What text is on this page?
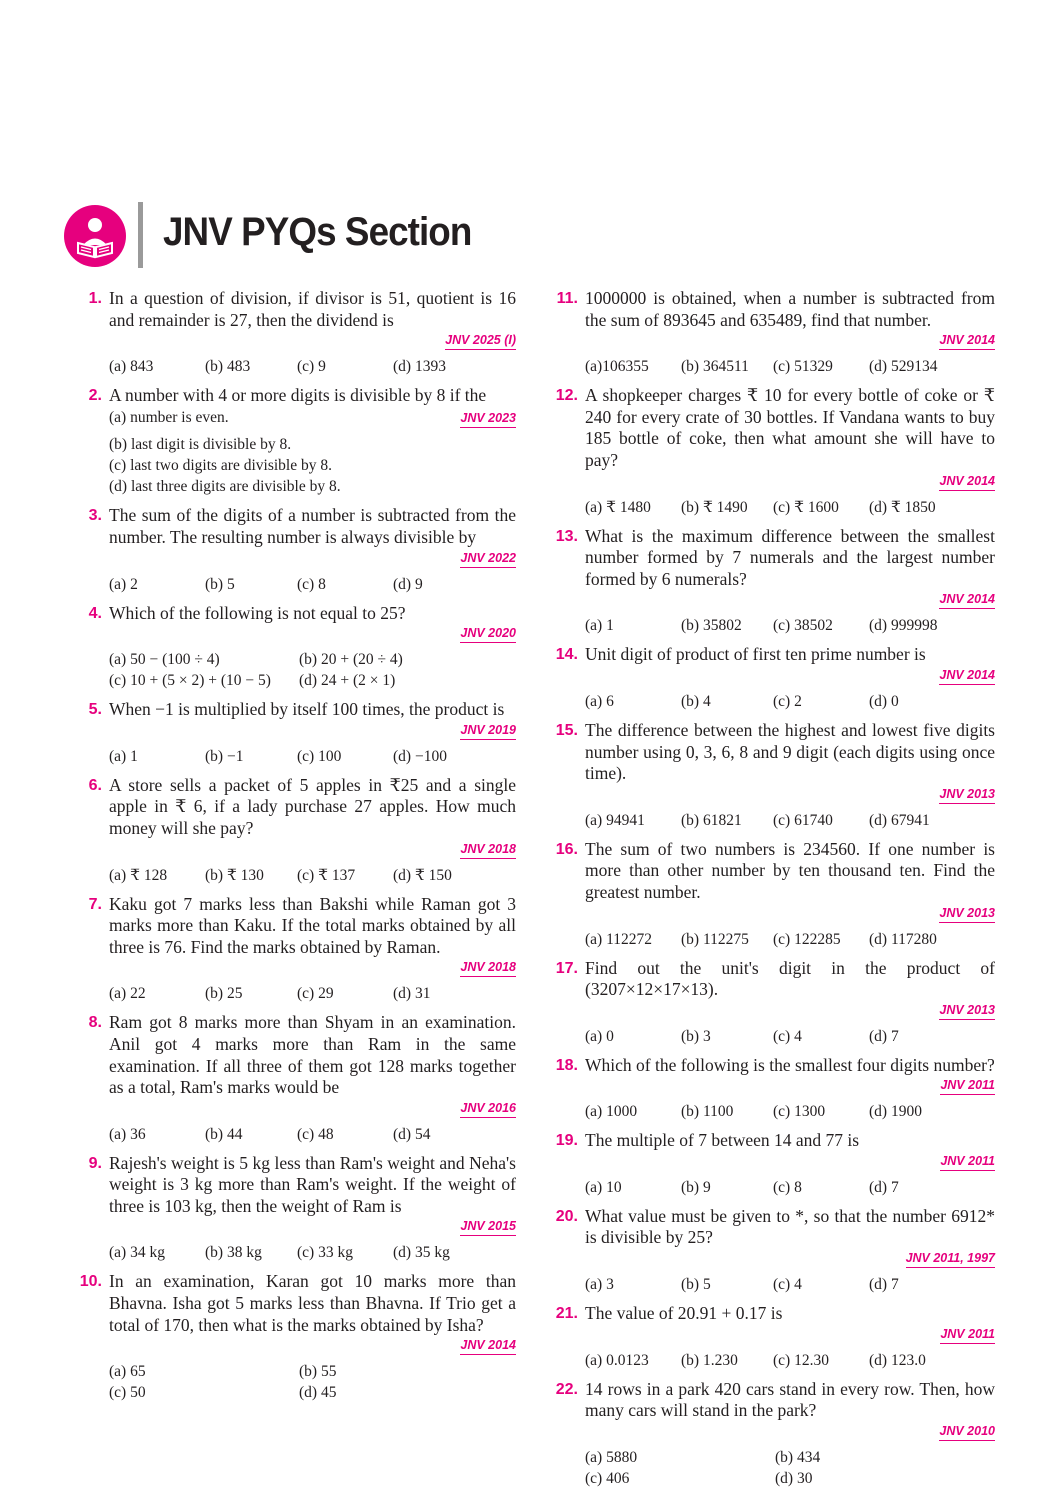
JNV PYQs Section
1. In a question of division, if divisor is 51, quotient is 16 and remainder is 27, then the dividend is
JNV 2025 (I)
(a) 843	(b) 483	(c) 9	(d) 1393
2. A number with 4 or more digits is divisible by 8 if the
(a) number is even.	JNV 2023
(b) last digit is divisible by 8.
(c) last two digits are divisible by 8.
(d) last three digits are divisible by 8.
3. The sum of the digits of a number is subtracted from the number. The resulting number is always divisible by
JNV 2022
(a) 2	(b) 5	(c) 8	(d) 9
4. Which of the following is not equal to 25?
JNV 2020
(a) 50 − (100 ÷ 4)	(b) 20 + (20 ÷ 4)
(c) 10 + (5 × 2) + (10 − 5)	(d) 24 + (2 × 1)
5. When −1 is multiplied by itself 100 times, the product is
JNV 2019
(a) 1	(b) −1	(c) 100	(d) −100
6. A store sells a packet of 5 apples in ₹25 and a single apple in ₹ 6, if a lady purchase 27 apples. How much money will she pay?
JNV 2018
(a) ₹ 128	(b) ₹ 130	(c) ₹ 137	(d) ₹ 150
7. Kaku got 7 marks less than Bakshi while Raman got 3 marks more than Kaku. If the total marks obtained by all three is 76. Find the marks obtained by Raman.
JNV 2018
(a) 22	(b) 25	(c) 29	(d) 31
8. Ram got 8 marks more than Shyam in an examination. Anil got 4 marks more than Ram in the same examination. If all three of them got 128 marks together as a total, Ram's marks would be
JNV 2016
(a) 36	(b) 44	(c) 48	(d) 54
9. Rajesh's weight is 5 kg less than Ram's weight and Neha's weight is 3 kg more than Ram's weight. If the weight of three is 103 kg, then the weight of Ram is
JNV 2015
(a) 34 kg	(b) 38 kg	(c) 33 kg	(d) 35 kg
10. In an examination, Karan got 10 marks more than Bhavna. Isha got 5 marks less than Bhavna. If Trio get a total of 170, then what is the marks obtained by Isha?
JNV 2014
(a) 65	(b) 55
(c) 50	(d) 45
11. 1000000 is obtained, when a number is subtracted from the sum of 893645 and 635489, find that number.
JNV 2014
(a)106355	(b) 364511	(c) 51329	(d) 529134
12. A shopkeeper charges ₹ 10 for every bottle of coke or ₹ 240 for every crate of 30 bottles. If Vandana wants to buy 185 bottle of coke, then what amount she will have to pay?
JNV 2014
(a) ₹ 1480	(b) ₹ 1490	(c) ₹ 1600	(d) ₹ 1850
13. What is the maximum difference between the smallest number formed by 7 numerals and the largest number formed by 6 numerals?
JNV 2014
(a) 1	(b) 35802	(c) 38502	(d) 999998
14. Unit digit of product of first ten prime number is
JNV 2014
(a) 6	(b) 4	(c) 2	(d) 0
15. The difference between the highest and lowest five digits number using 0, 3, 6, 8 and 9 digit (each digits using once time).
JNV 2013
(a) 94941	(b) 61821	(c) 61740	(d) 67941
16. The sum of two numbers is 234560. If one number is more than other number by ten thousand ten. Find the greatest number.
JNV 2013
(a) 112272	(b) 112275	(c) 122285	(d) 117280
17. Find out the unit's digit in the product of (3207×12×17×13).
JNV 2013
(a) 0	(b) 3	(c) 4	(d) 7
18. Which of the following is the smallest four digits number?
JNV 2011
(a) 1000	(b) 1100	(c) 1300	(d) 1900
19. The multiple of 7 between 14 and 77 is
JNV 2011
(a) 10	(b) 9	(c) 8	(d) 7
20. What value must be given to *, so that the number 6912* is divisible by 25?
JNV 2011, 1997
(a) 3	(b) 5	(c) 4	(d) 7
21. The value of 20.91 + 0.17 is
JNV 2011
(a) 0.0123	(b) 1.230	(c) 12.30	(d) 123.0
22. 14 rows in a park 420 cars stand in every row. Then, how many cars will stand in the park?
JNV 2010
(a) 5880	(b) 434
(c) 406	(d) 30
